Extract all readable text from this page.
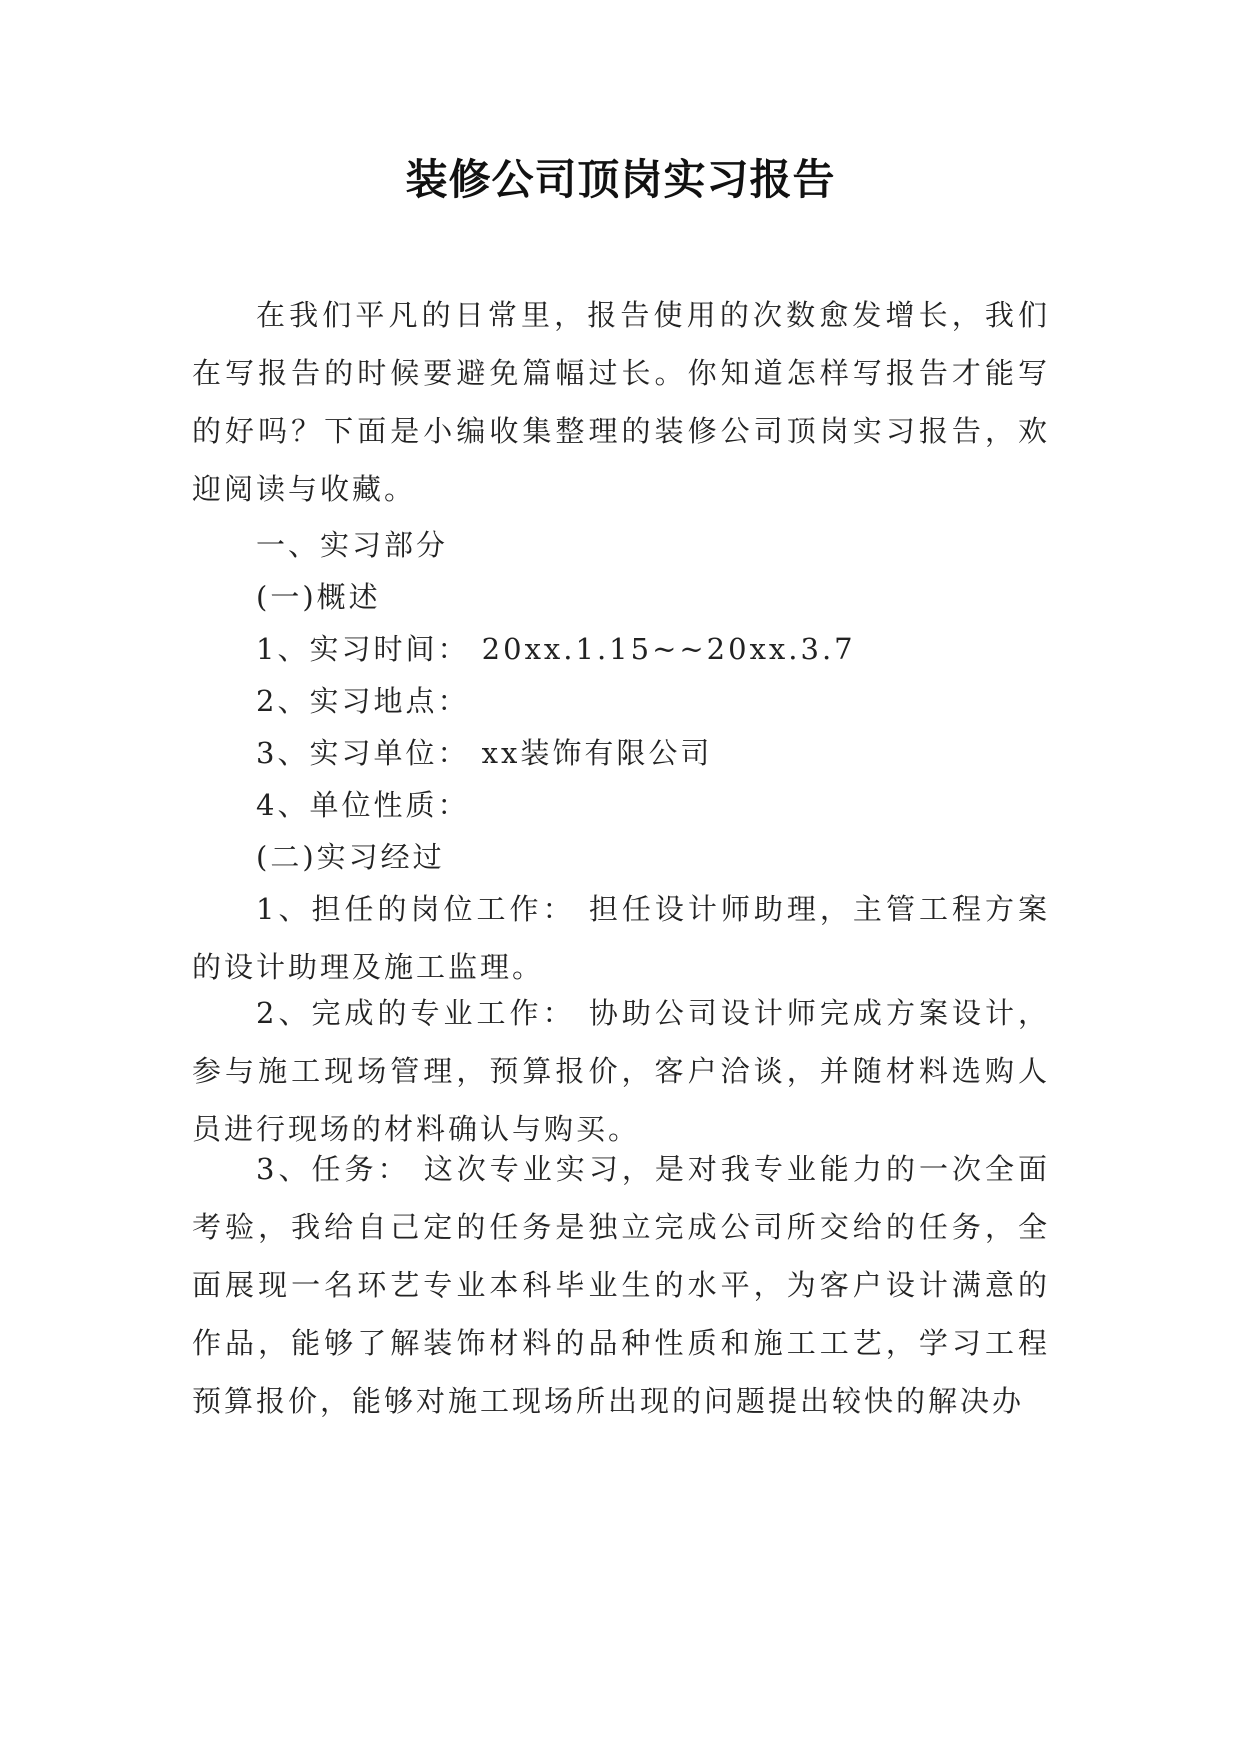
装修公司顶岗实习报告
在我们平凡的日常里，报告使用的次数愈发增长，我们在写报告的时候要避免篇幅过长。你知道怎样写报告才能写的好吗？下面是小编收集整理的装修公司顶岗实习报告，欢迎阅读与收藏。
一、实习部分
(一)概述
1、实习时间： 20xx.1.15~~20xx.3.7
2、实习地点：
3、实习单位： xx装饰有限公司
4、单位性质：
(二)实习经过
1、担任的岗位工作： 担任设计师助理，主管工程方案的设计助理及施工监理。
2、完成的专业工作： 协助公司设计师完成方案设计，参与施工现场管理，预算报价，客户洽谈，并随材料选购人员进行现场的材料确认与购买。
3、任务： 这次专业实习，是对我专业能力的一次全面考验，我给自己定的任务是独立完成公司所交给的任务，全面展现一名环艺专业本科毕业生的水平，为客户设计满意的作品，能够了解装饰材料的品种性质和施工工艺，学习工程预算报价，能够对施工现场所出现的问题提出较快的解决办
